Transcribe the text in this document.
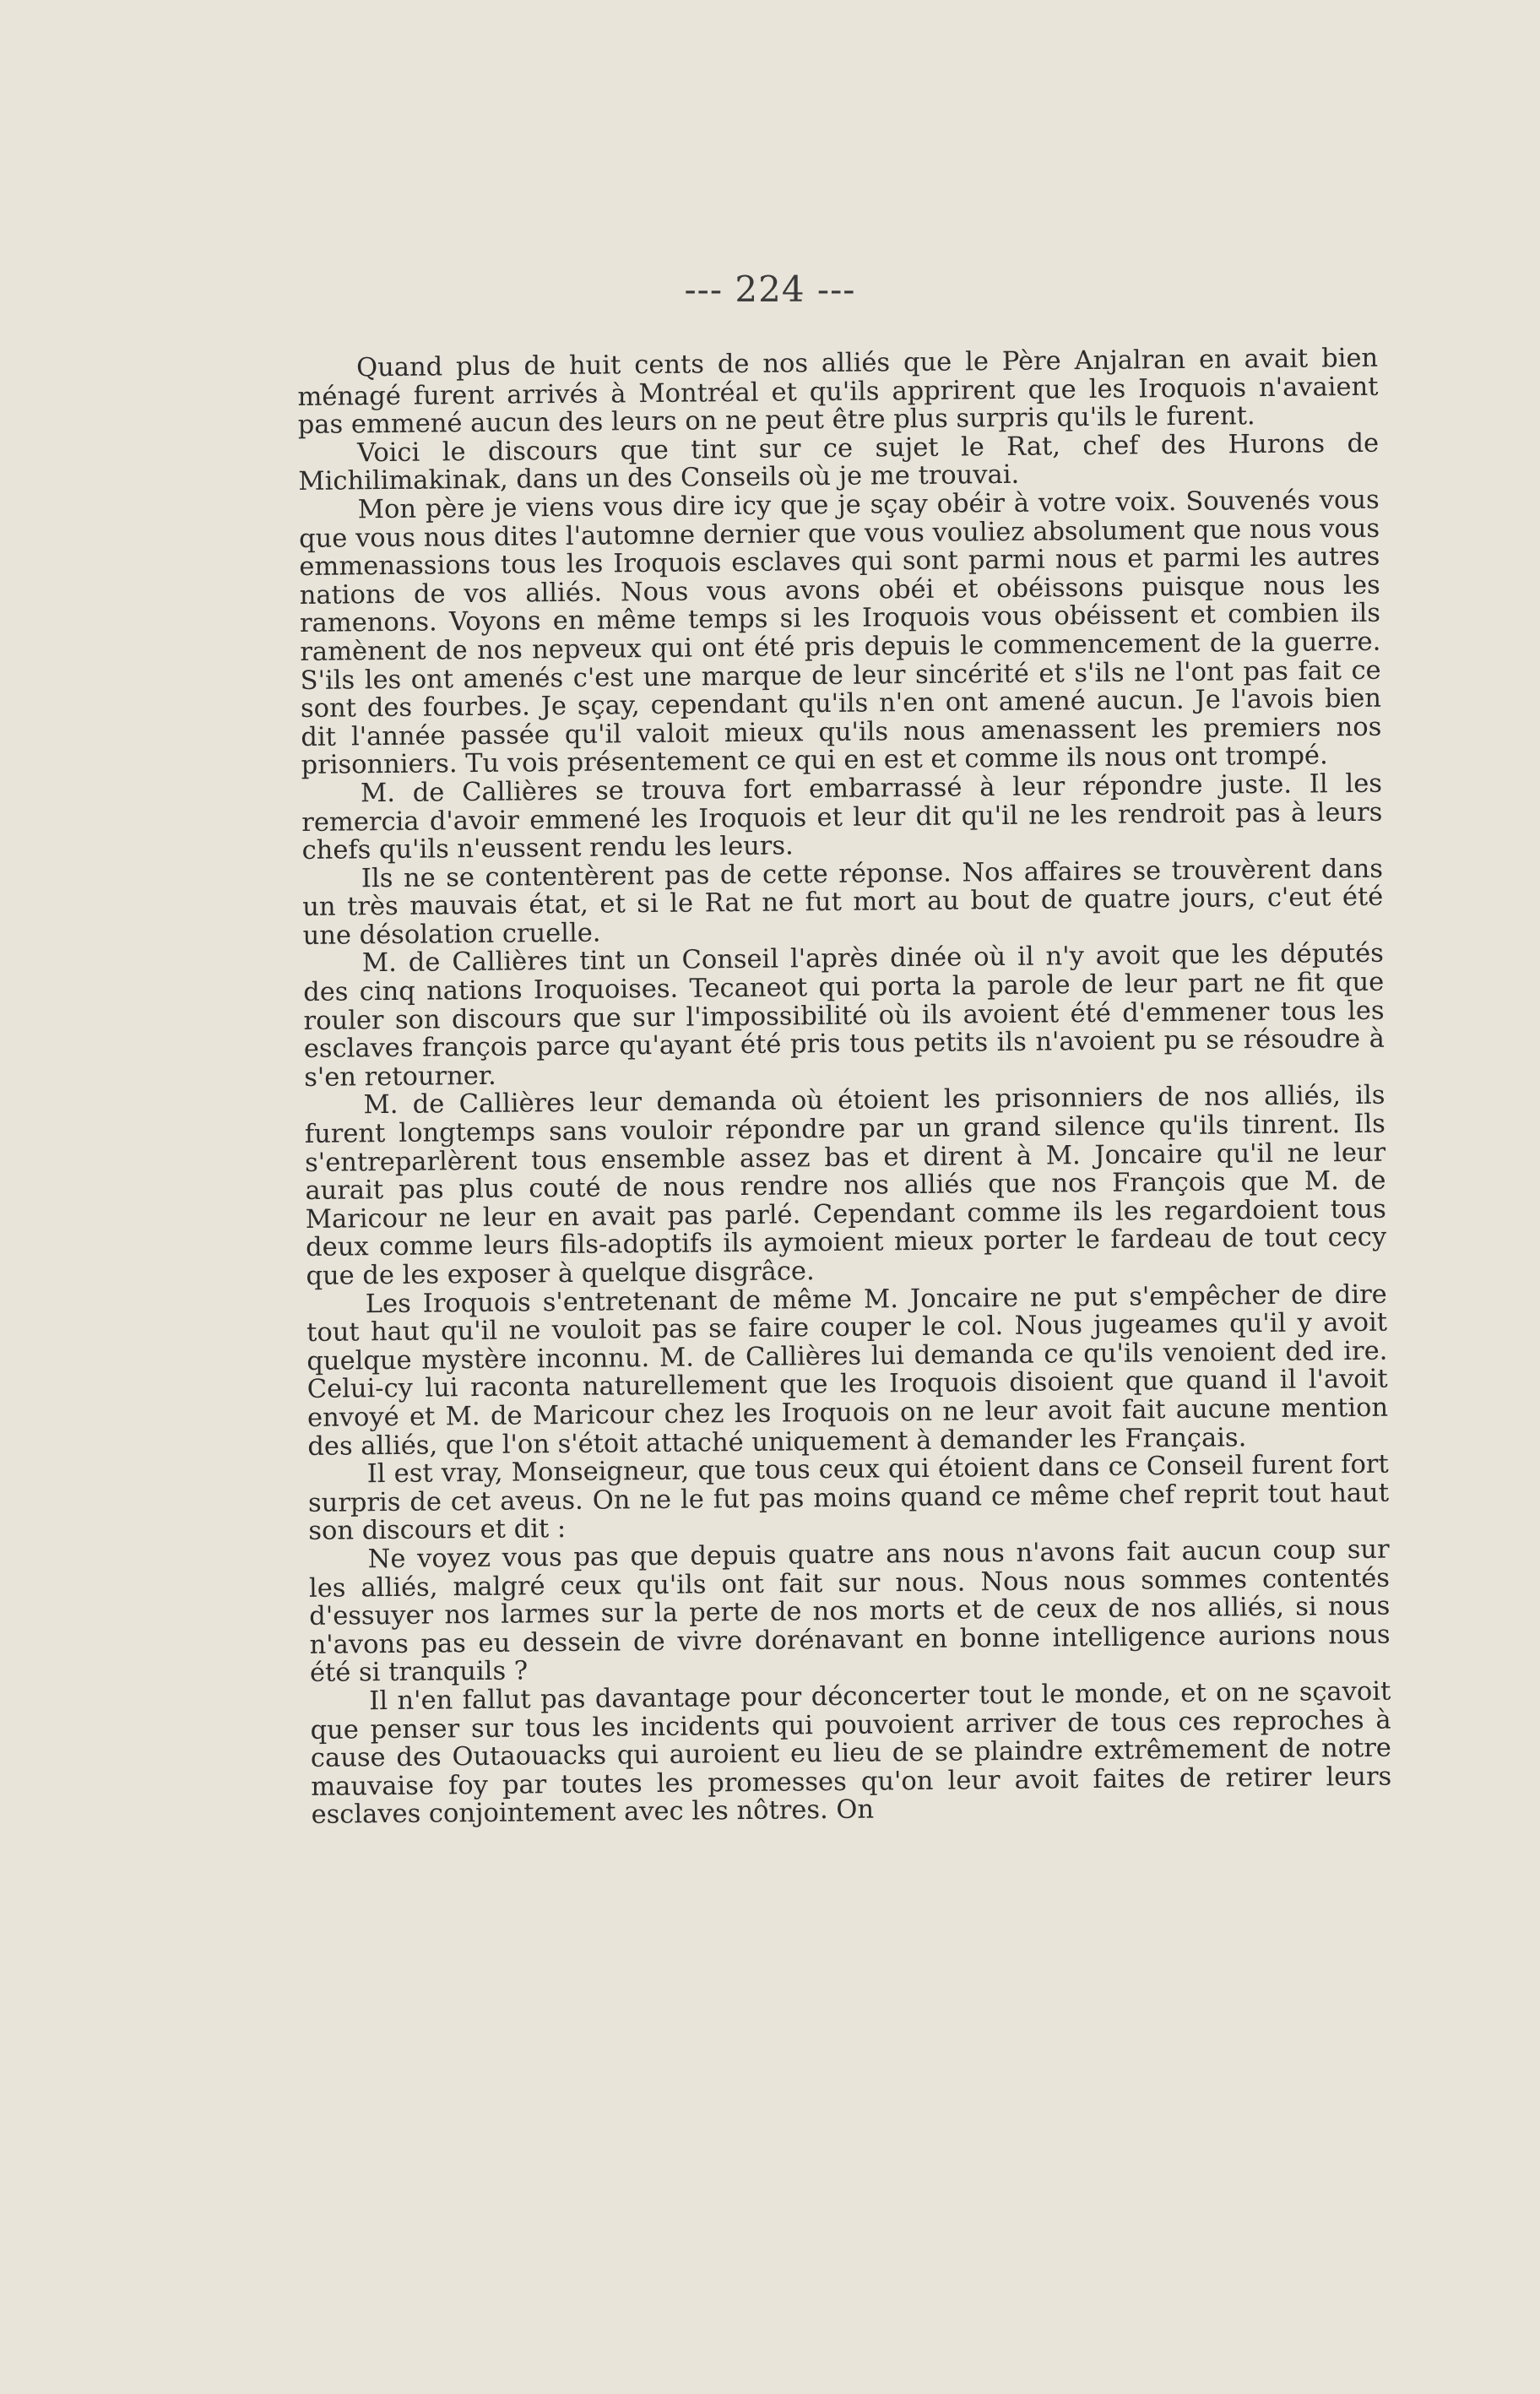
--- 224 ---

Quand plus de huit cents de nos alliés que le Père Anjalran en avait bien ménagé furent arrivés à Montréal et qu'ils apprirent que les Iroquois n'avaient pas emmené aucun des leurs on ne peut être plus surpris qu'ils le furent.

Voici le discours que tint sur ce sujet le Rat, chef des Hurons de Michilimakinak, dans un des Conseils où je me trouvai.

Mon père je viens vous dire icy que je sçay obéir à votre voix. Souvenés vous que vous nous dites l'automne dernier que vous vouliez absolument que nous vous emmenassions tous les Iroquois esclaves qui sont parmi nous et parmi les autres nations de vos alliés. Nous vous avons obéi et obéissons puisque nous les ramenons. Voyons en même temps si les Iroquois vous obéissent et combien ils ramènent de nos nepveux qui ont été pris depuis le commencement de la guerre. S'ils les ont amenés c'est une marque de leur sincérité et s'ils ne l'ont pas fait ce sont des fourbes. Je sçay, cependant qu'ils n'en ont amené aucun. Je l'avois bien dit l'année passée qu'il valoit mieux qu'ils nous amenassent les premiers nos prisonniers. Tu vois présentement ce qui en est et comme ils nous ont trompé.

M. de Callières se trouva fort embarrassé à leur répondre juste. Il les remercia d'avoir emmené les Iroquois et leur dit qu'il ne les rendroit pas à leurs chefs qu'ils n'eussent rendu les leurs.

Ils ne se contentèrent pas de cette réponse. Nos affaires se trouvèrent dans un très mauvais état, et si le Rat ne fut mort au bout de quatre jours, c'eut été une désolation cruelle.

M. de Callières tint un Conseil l'après dinée où il n'y avoit que les députés des cinq nations Iroquoises. Tecaneot qui porta la parole de leur part ne fit que rouler son discours que sur l'impossibilité où ils avoient été d'emmener tous les esclaves françois parce qu'ayant été pris tous petits ils n'avoient pu se résoudre à s'en retourner.

M. de Callières leur demanda où étoient les prisonniers de nos alliés, ils furent longtemps sans vouloir répondre par un grand silence qu'ils tinrent. Ils s'entreparlèrent tous ensemble assez bas et dirent à M. Joncaire qu'il ne leur aurait pas plus couté de nous rendre nos alliés que nos François que M. de Maricour ne leur en avait pas parlé. Cependant comme ils les regardoient tous deux comme leurs fils-adoptifs ils aymoient mieux porter le fardeau de tout cecy que de les exposer à quelque disgrâce.

Les Iroquois s'entretenant de même M. Joncaire ne put s'empêcher de dire tout haut qu'il ne vouloit pas se faire couper le col. Nous jugeames qu'il y avoit quelque mystère inconnu. M. de Callières lui demanda ce qu'ils venoient ded ire. Celui-cy lui raconta naturellement que les Iroquois disoient que quand il l'avoit envoyé et M. de Maricour chez les Iroquois on ne leur avoit fait aucune mention des alliés, que l'on s'étoit attaché uniquement à demander les Français.

Il est vray, Monseigneur, que tous ceux qui étoient dans ce Conseil furent fort surpris de cet aveus. On ne le fut pas moins quand ce même chef reprit tout haut son discours et dit :

Ne voyez vous pas que depuis quatre ans nous n'avons fait aucun coup sur les alliés, malgré ceux qu'ils ont fait sur nous. Nous nous sommes contentés d'essuyer nos larmes sur la perte de nos morts et de ceux de nos alliés, si nous n'avons pas eu dessein de vivre dorénavant en bonne intelligence aurions nous été si tranquils ?

Il n'en fallut pas davantage pour déconcerter tout le monde, et on ne sçavoit que penser sur tous les incidents qui pouvoient arriver de tous ces reproches à cause des Outaouacks qui auroient eu lieu de se plaindre extrêmement de notre mauvaise foy par toutes les promesses qu'on leur avoit faites de retirer leurs esclaves conjointement avec les nôtres. On
